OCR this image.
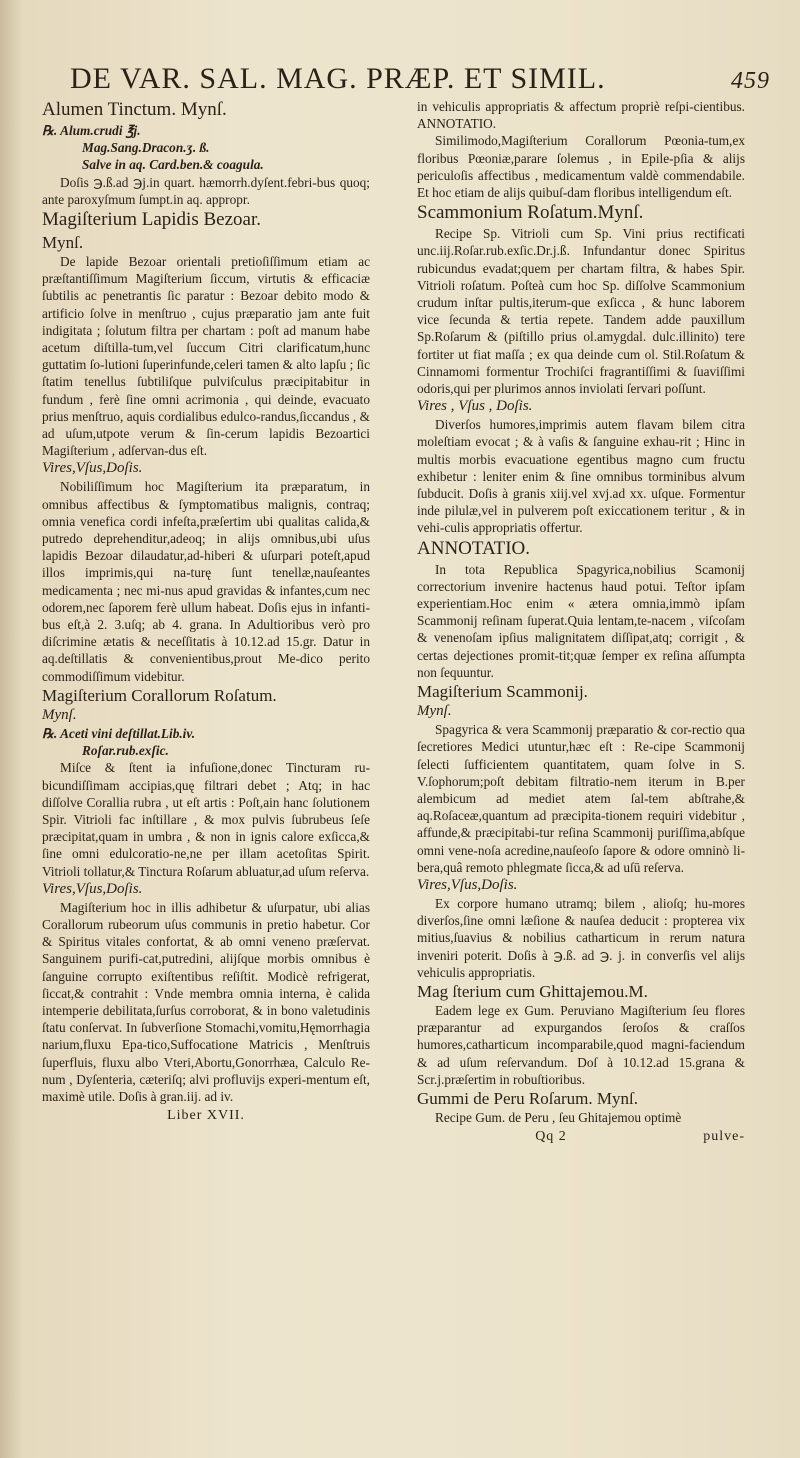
DE VAR. SAL. MAG. PRÆP. ET SIMIL.	459

Alumen Tinctum. Mynſ.

℞. Alum.crudi ℥j.

Mag.Sang.Dracon.ʒ. ß.

Salve in aq. Card.ben.& coagula.

Doſis ℈.ß.ad ℈j.in quart. hæmorrh.dyſent.febri-bus quoq; ante paroxyſmum ſumpt.in aq. appropr.

Magiſterium Lapidis Bezoar.

Mynſ.

De lapide Bezoar orientali pretioſiſſimum etiam ac præſtantiſſimum Magiſterium ſiccum, virtutis & efficaciæ ſubtilis ac penetrantis ſic paratur : Bezoar debito modo & artificio ſolve in menſtruo , cujus præparatio jam ante fuit indigitata ; ſolutum filtra per chartam : poſt ad manum habe acetum diſtilla-tum,vel ſuccum Citri clarificatum,hunc guttatim ſo-lutioni ſuperinfunde,celeri tamen & alto lapſu ; ſic ſtatim tenellus ſubtiliſque pulviſculus præcipitabitur in fundum , ferè ſine omni acrimonia , qui deinde, evacuato prius menſtruo, aquis cordialibus edulco-randus,ſiccandus , & ad uſum,utpote verum & ſin-cerum lapidis Bezoartici Magiſterium , adſervan-dus eſt.

Vires,Vſus,Doſis.

Nobiliſſimum hoc Magiſterium ita præparatum, in omnibus affectibus & ſymptomatibus malignis, contraq; omnia venefica cordi infeſta,præſertim ubi qualitas calida,& putredo deprehenditur,adeoq; in alijs omnibus,ubi uſus lapidis Bezoar dilaudatur,ad-hiberi & uſurpari poteſt,apud illos imprimis,qui na-turę ſunt tenellæ,nauſeantes medicamenta ; nec mi-nus apud gravidas & infantes,cum nec odorem,nec ſaporem ferè ullum habeat. Doſis ejus in infanti-bus eſt,à 2. 3.uſq; ab 4. grana. In Adultioribus verò pro diſcrimine ætatis & neceſſitatis à 10.12.ad 15.gr. Datur in aq.deſtillatis & convenientibus,prout Me-dico perito commodiſſimum videbitur.

Magiſterium Corallorum Roſatum.

Mynſ.

℞. Aceti vini deſtillat.Lib.iv.

Roſar.rub.exſic.

Miſce & ſtent ia infuſione,donec Tincturam ru-bicundiſſimam accipias,quę filtrari debet ; Atq; in hac diſſolve Corallia rubra , ut eſt artis : Poſt,ain hanc ſolutionem Spir. Vitrioli fac inſtillare , & mox pulvis ſubrubeus ſeſe præcipitat,quam in umbra , & non in ignis calore exſicca,& ſine omni edulcoratio-ne,ne per illam acetoſitas Spirit. Vitrioli tollatur,& Tinctura Roſarum abluatur,ad uſum reſerva.

Vires,Vſus,Doſis.

Magiſterium hoc in illis adhibetur & uſurpatur, ubi alias Corallorum rubeorum uſus communis in pretio habetur. Cor & Spiritus vitales confortat, & ab omni veneno præſervat. Sanguinem purifi-cat,putredini, alijſque morbis omnibus è ſanguine corrupto exiſtentibus reſiſtit. Modicè refrigerat, ſiccat,& contrahit : Vnde membra omnia interna, è calida intemperie debilitata,ſurſus corroborat, & in bono valetudinis ſtatu conſervat. In ſubverſione Stomachi,vomitu,Hęmorrhagia narium,fluxu Epa-tico,Suffocatione Matricis , Menſtruis ſuperfluis, fluxu albo Vteri,Abortu,Gonorrhæa, Calculo Re-num , Dyſenteria, cæteriſq; alvi profluvijs experi-mentum eſt, maximè utile. Doſis à gran.iij. ad iv.

Liber XVII.

in vehiculis appropriatis & affectum propriè reſpi-cientibus. ANNOTATIO.

Similimodo,Magiſterium Corallorum Pœonia-tum,ex floribus Pœoniæ,parare ſolemus , in Epile-pſia & alijs periculoſis affectibus , medicamentum valdè commendabile. Et hoc etiam de alijs quibuſ-dam floribus intelligendum eſt.

Scammonium Roſatum.Mynſ.

Recipe Sp. Vitrioli cum Sp. Vini prius rectificati unc.iij.Roſar.rub.exſic.Dr.j.ß. Infundantur donec Spiritus rubicundus evadat;quem per chartam filtra, & habes Spir. Vitrioli roſatum. Poſteà cum hoc Sp. diſſolve Scammonium crudum inſtar pultis,iterum-que exſicca , & hunc laborem vice ſecunda & tertia repete. Tandem adde pauxillum Sp.Roſarum & (piſtillo prius ol.amygdal. dulc.illinito) tere fortiter ut fiat maſſa ; ex qua deinde cum ol. Stil.Roſatum & Cinnamomi formentur Trochiſci fragrantiſſimi & ſuaviſſimi odoris,qui per plurimos annos inviolati ſervari poſſunt.

Vires , Vſus , Doſis.

Diverſos humores,imprimis autem flavam bilem citra moleſtiam evocat ; & à vaſis & ſanguine exhau-rit ; Hinc in multis morbis evacuatione egentibus magno cum fructu exhibetur : leniter enim & ſine omnibus torminibus alvum ſubducit. Doſis à granis xiij.vel xvj.ad xx. uſque. Formentur inde pilulæ,vel in pulverem poſt exiccationem teritur , & in vehi-culis appropriatis offertur.

ANNOTATIO.

In tota Republica Spagyrica,nobilius Scamonij correctorium invenire hactenus haud potui. Teſtor ipſam experientiam.Hoc enim « ætera omnia,immò ipſam Scammonij reſinam ſuperat.Quia lentam,te-nacem , viſcoſam & venenoſam ipſius malignitatem diſſipat,atq; corrigit , & certas dejectiones promit-tit;quæ ſemper ex reſina aſſumpta non ſequuntur.

Magiſterium Scammonij.

Mynſ.

Spagyrica & vera Scammonij præparatio & cor-rectio qua ſecretiores Medici utuntur,hæc eſt : Re-cipe Scammonij ſelecti ſufficientem quantitatem, quam ſolve in S. V.ſophorum;poſt debitam filtratio-nem iterum in B.per alembicum ad mediet atem ſal-tem abſtrahe,& aq.Roſaceæ,quantum ad præcipita-tionem requiri videbitur , affunde,& præcipitabi-tur reſina Scammonij puriſſima,abſque omni vene-noſa acredine,nauſeoſo ſapore & odore omninò li-bera,quâ remoto phlegmate ſicca,& ad uſū reſerva.

Vires,Vſus,Doſis.

Ex corpore humano utramq; bilem , alioſq; hu-mores diverſos,ſine omni læſione & nauſea deducit : propterea vix mitius,ſuavius & nobilius catharticum in rerum natura inveniri poterit. Doſis à ℈.ß. ad ℈. j. in converſis vel alijs vehiculis appropriatis.

Mag ſterium cum Ghittajemou.M.

Eadem lege ex Gum. Peruviano Magiſterium ſeu flores præparantur ad expurgandos ſeroſos & craſſos humores,catharticum incomparabile,quod magni-faciendum & ad uſum reſervandum. Doſ à 10.12.ad 15.grana & Scr.j.præſertim in robuſtioribus.

Gummi de Peru Roſarum. Mynſ.

Recipe Gum. de Peru , ſeu Ghitajemou optimè

Qq 2	pulve-
